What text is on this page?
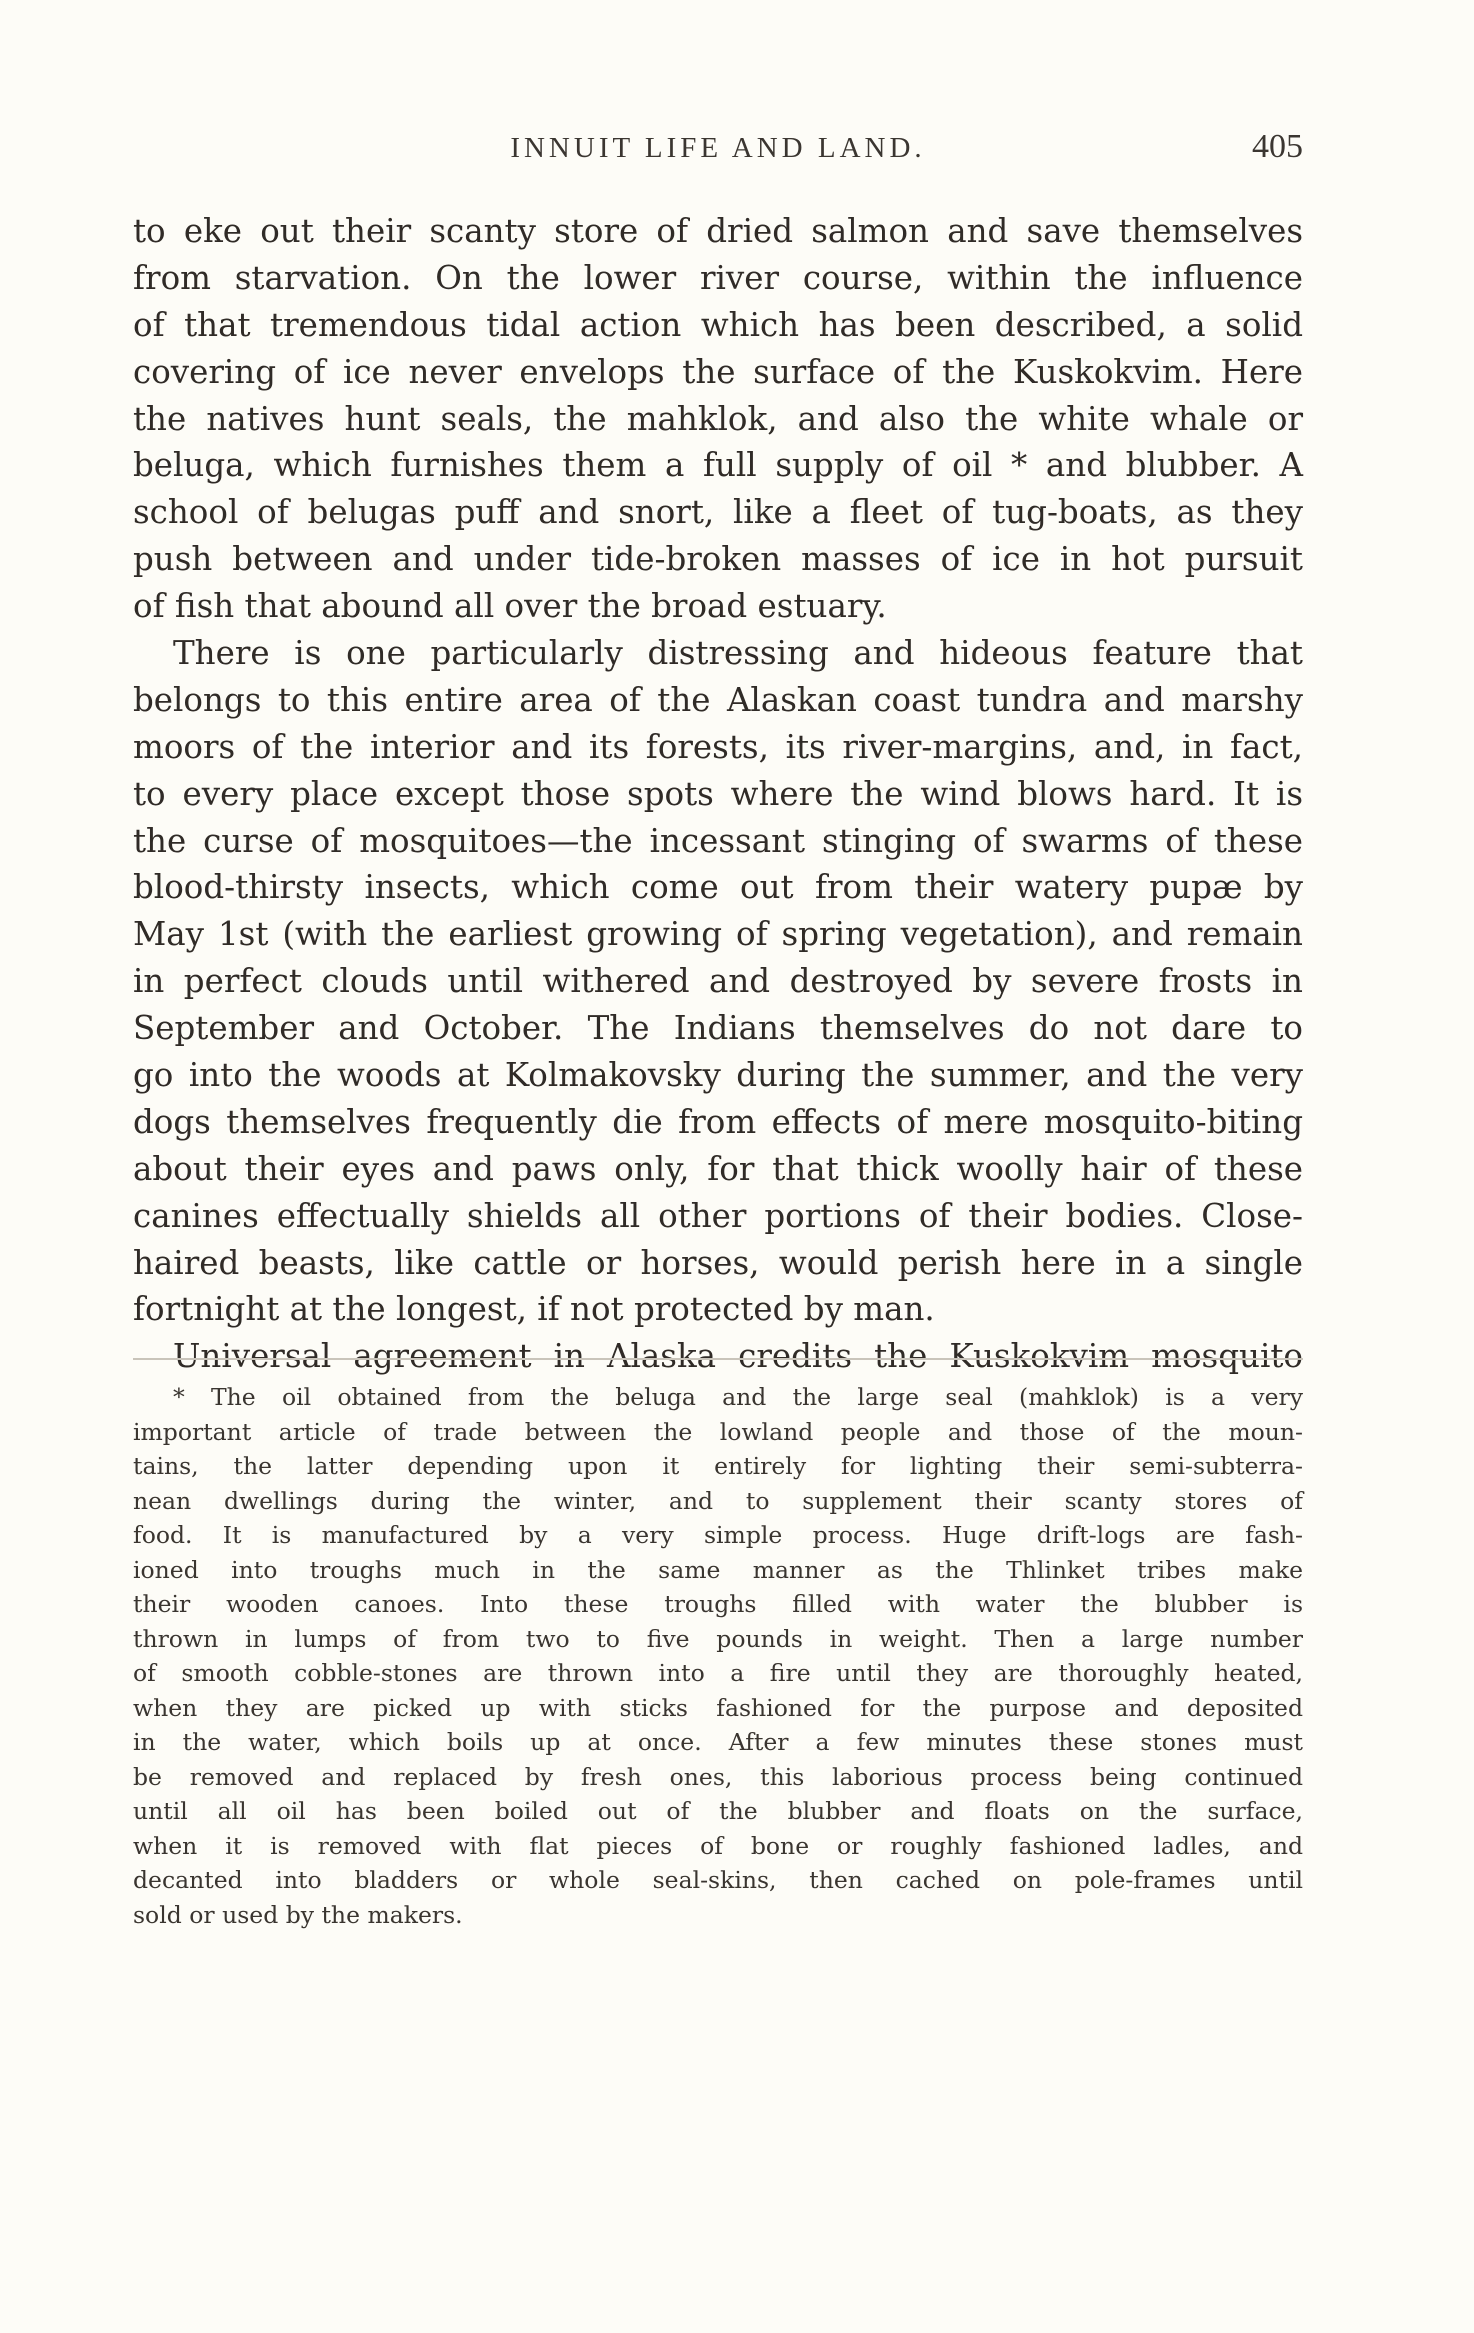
INNUIT LIFE AND LAND.	405
to eke out their scanty store of dried salmon and save themselves
from starvation. On the lower river course, within the influence
of that tremendous tidal action which has been described, a solid
covering of ice never envelops the surface of the Kuskokvim. Here
the natives hunt seals, the mahklok, and also the white whale or
beluga, which furnishes them a full supply of oil * and blubber. A
school of belugas puff and snort, like a fleet of tug-boats, as they
push between and under tide-broken masses of ice in hot pursuit
of fish that abound all over the broad estuary.
There is one particularly distressing and hideous feature that
belongs to this entire area of the Alaskan coast tundra and marshy
moors of the interior and its forests, its river-margins, and, in fact,
to every place except those spots where the wind blows hard. It is
the curse of mosquitoes—the incessant stinging of swarms of these
blood-thirsty insects, which come out from their watery pupæ by
May 1st (with the earliest growing of spring vegetation), and remain
in perfect clouds until withered and destroyed by severe frosts in
September and October. The Indians themselves do not dare to
go into the woods at Kolmakovsky during the summer, and the very
dogs themselves frequently die from effects of mere mosquito-biting
about their eyes and paws only, for that thick woolly hair of these
canines effectually shields all other portions of their bodies. Close-
haired beasts, like cattle or horses, would perish here in a single
fortnight at the longest, if not protected by man.
Universal agreement in Alaska credits the Kuskokvim mosquito
* The oil obtained from the beluga and the large seal (mahklok) is a very
important article of trade between the lowland people and those of the moun-
tains, the latter depending upon it entirely for lighting their semi-subterra-
nean dwellings during the winter, and to supplement their scanty stores of
food. It is manufactured by a very simple process. Huge drift-logs are fash-
ioned into troughs much in the same manner as the Thlinket tribes make
their wooden canoes. Into these troughs filled with water the blubber is
thrown in lumps of from two to five pounds in weight. Then a large number
of smooth cobble-stones are thrown into a fire until they are thoroughly heated,
when they are picked up with sticks fashioned for the purpose and deposited
in the water, which boils up at once. After a few minutes these stones must
be removed and replaced by fresh ones, this laborious process being continued
until all oil has been boiled out of the blubber and floats on the surface,
when it is removed with flat pieces of bone or roughly fashioned ladles, and
decanted into bladders or whole seal-skins, then cached on pole-frames until
sold or used by the makers.
